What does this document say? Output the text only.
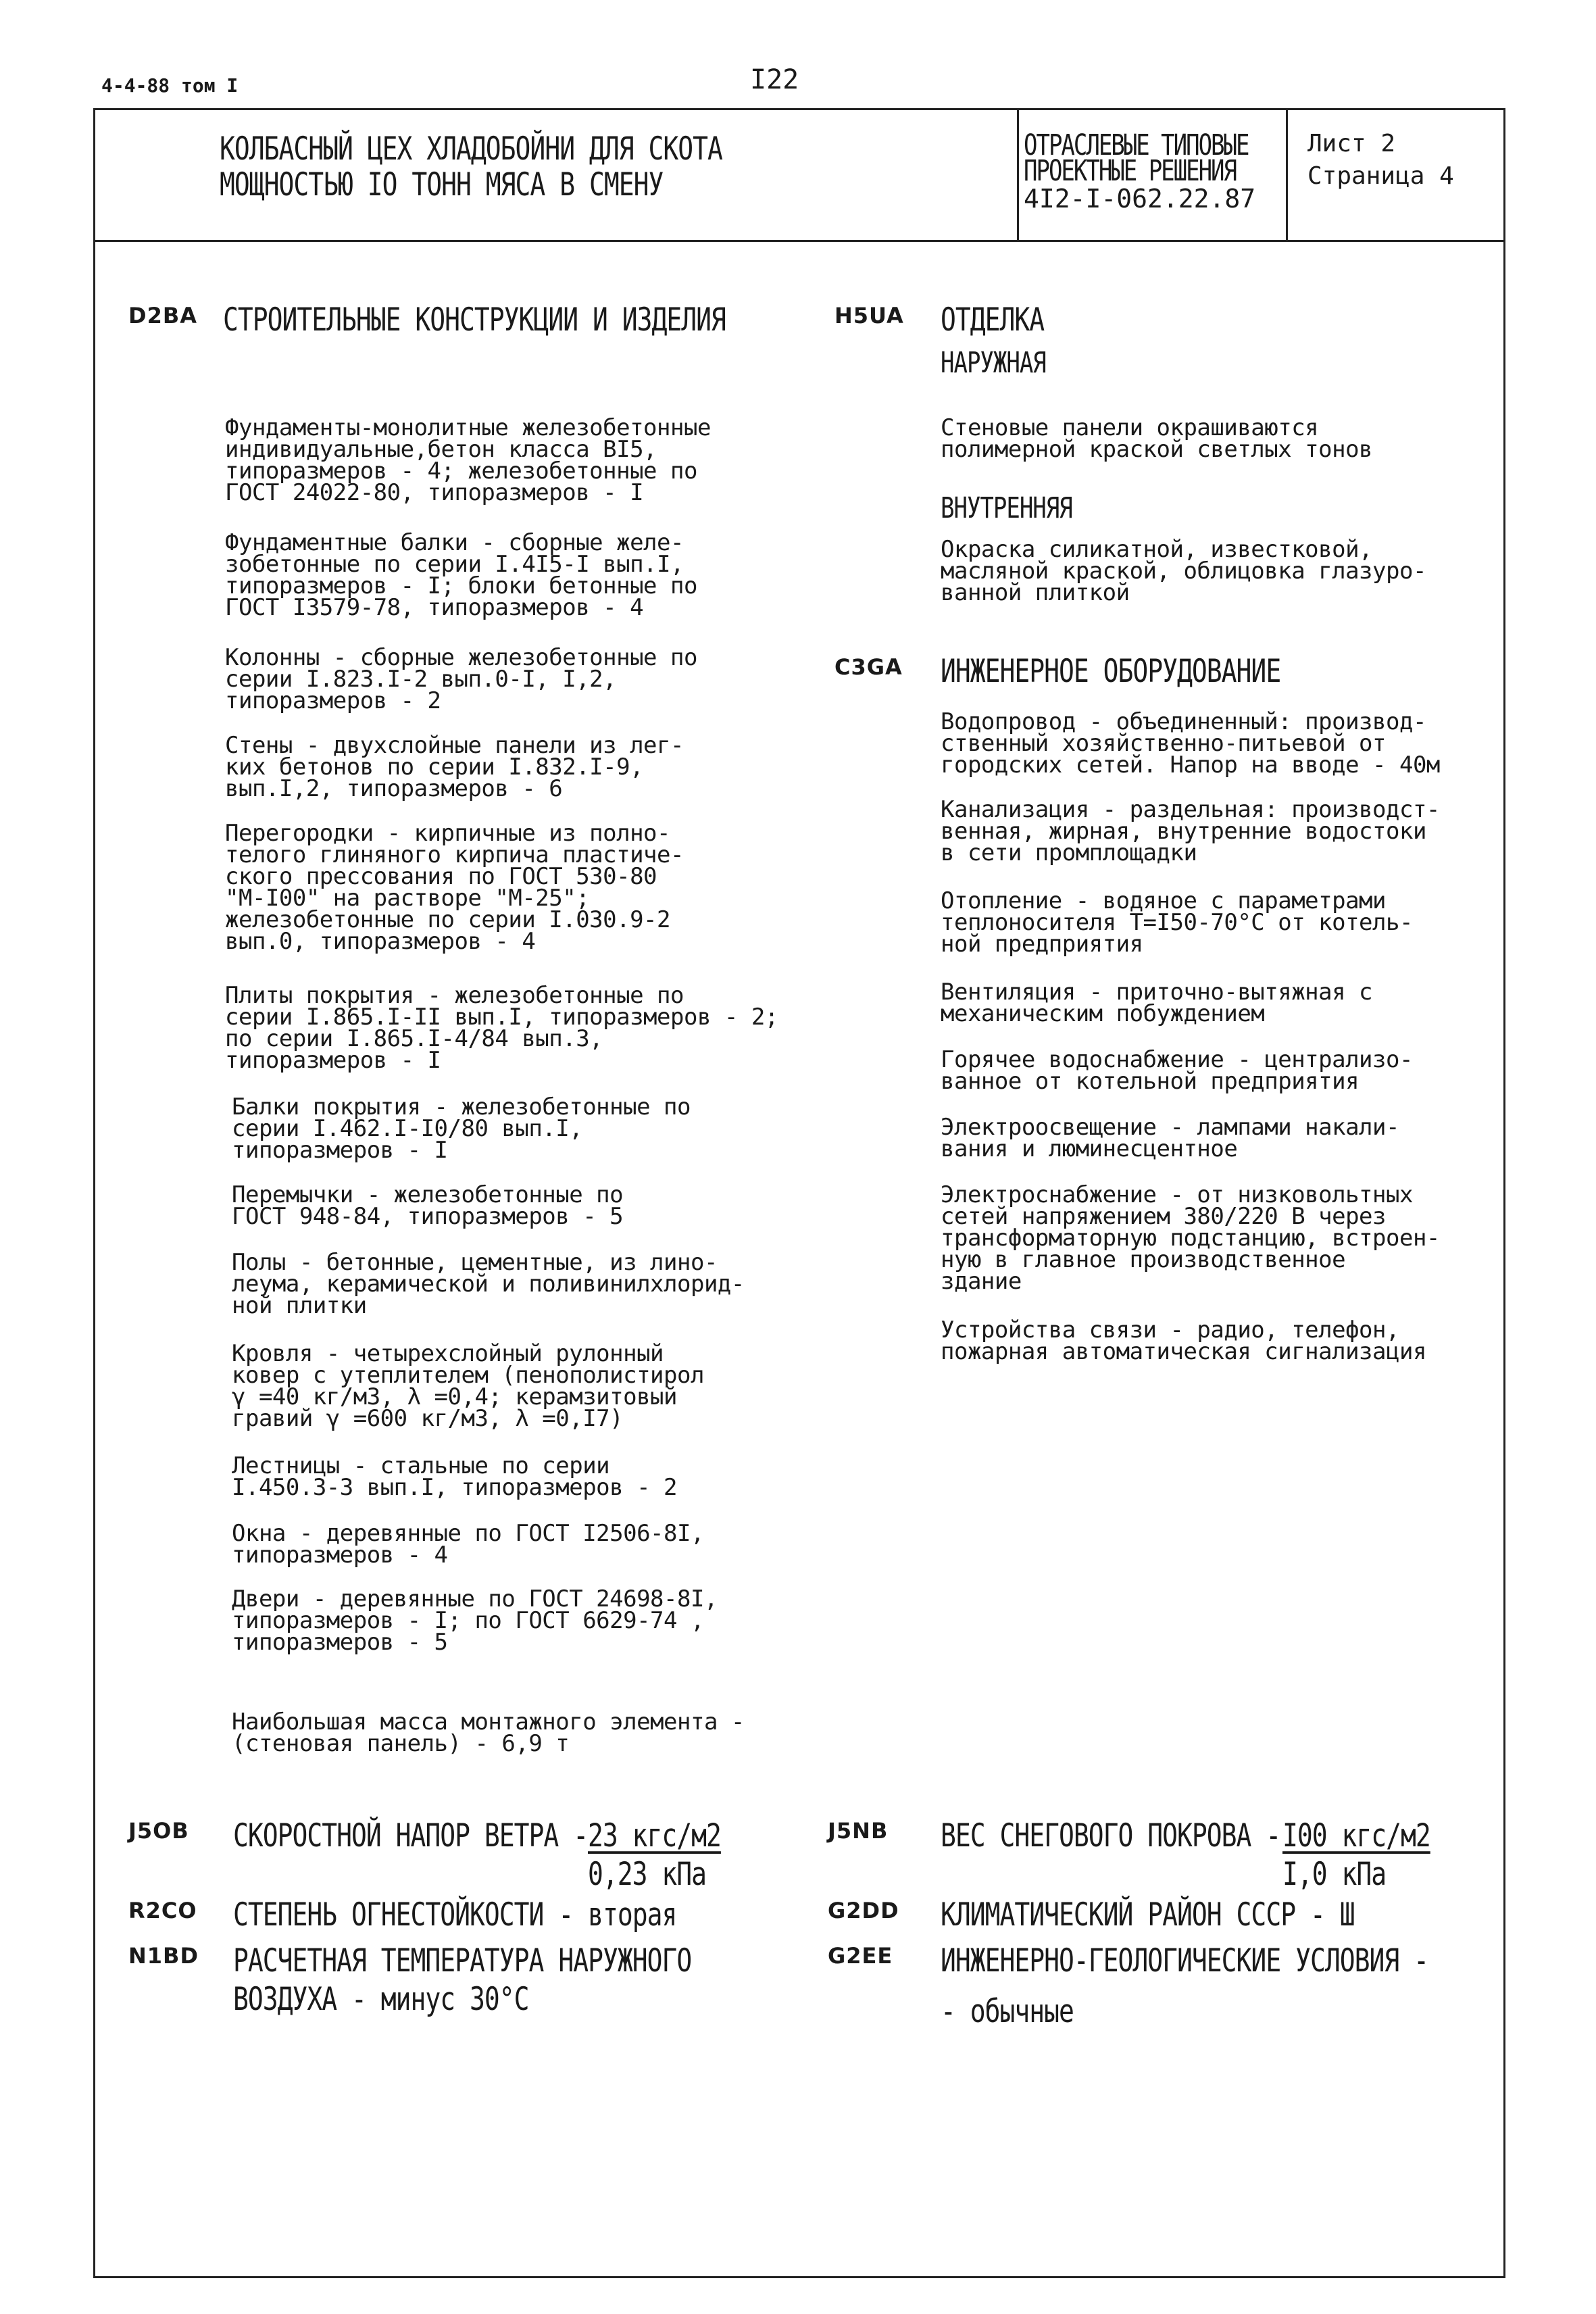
4-4-88 том I	I22
КОЛБАСНЫЙ ЦЕХ ХЛАДОБОЙНИ ДЛЯ СКОТА
МОЩНОСТЬЮ IO ТОНН МЯСА В СМЕНУ
ОТРАСЛЕВЫЕ ТИПОВЫЕ
ПРОЕКТНЫЕ РЕШЕНИЯ
4I2-I-062.22.87
Лист 2
Страница 4
D2BA СТРОИТЕЛЬНЫЕ КОНСТРУКЦИИ И ИЗДЕЛИЯ
Фундаменты-монолитные железобетонные
индивидуальные,бетон класса BI5,
типоразмеров - 4; железобетонные по
ГОСТ 24022-80, типоразмеров - I
Фундаментные балки - сборные желе-
зобетонные по серии I.4I5-I вып.I,
типоразмеров - I; блоки бетонные по
ГОСТ I3579-78, типоразмеров - 4
Колонны - сборные железобетонные по
серии I.823.I-2 вып.0-I, I,2,
типоразмеров - 2
Стены - двухслойные панели из лег-
ких бетонов по серии I.832.I-9,
вып.I,2, типоразмеров - 6
Перегородки - кирпичные из полно-
телого глиняного кирпича пластиче-
ского прессования по ГОСТ 530-80
"М-I00" на растворе "М-25";
железобетонные по серии I.030.9-2
вып.0, типоразмеров - 4
Плиты покрытия - железобетонные по
серии I.865.I-II вып.I, типоразмеров - 2;
по серии I.865.I-4/84 вып.3,
типоразмеров - I
Балки покрытия - железобетонные по
серии I.462.I-I0/80 вып.I,
типоразмеров - I
Перемычки - железобетонные по
ГОСТ 948-84, типоразмеров - 5
Полы - бетонные, цементные, из лино-
леума, керамической и поливинилхлорид-
ной плитки
Кровля - четырехслойный рулонный
ковер с утеплителем (пенополистирол
γ =40 кг/м3, λ =0,4; керамзитовый
гравий γ =600 кг/м3, λ =0,I7)
Лестницы - стальные по серии
I.450.3-3 вып.I, типоразмеров - 2
Окна - деревянные по ГОСТ I2506-8I,
типоразмеров - 4
Двери - деревянные по ГОСТ 24698-8I,
типоразмеров - I; по ГОСТ 6629-74 ,
типоразмеров - 5
Наибольшая масса монтажного элемента -
(стеновая панель) - 6,9 т
H5UA ОТДЕЛКА
НАРУЖНАЯ
Стеновые панели окрашиваются
полимерной краской светлых тонов
ВНУТРЕННЯЯ
Окраска силикатной, известковой,
масляной краской, облицовка глазуро-
ванной плиткой
C3GA ИНЖЕНЕРНОЕ ОБОРУДОВАНИЕ
Водопровод - объединенный: производ-
ственный хозяйственно-питьевой от
городских сетей. Напор на вводе - 40м
Канализация - раздельная: производст-
венная, жирная, внутренние водостоки
в сети промплощадки
Отопление - водяное с параметрами
теплоносителя T=I50-70°C от котель-
ной предприятия
Вентиляция - приточно-вытяжная с
механическим побуждением
Горячее водоснабжение - централизо-
ванное от котельной предприятия
Электроосвещение - лампами накали-
вания и люминесцентное
Электроснабжение - от низковольтных
сетей напряжением 380/220 В через
трансформаторную подстанцию, встроен-
ную в главное производственное
здание
Устройства связи - радио, телефон,
пожарная автоматическая сигнализация
J5OB СКОРОСТНОЙ НАПОР ВЕТРА - 23 кгс/м2
0,23 кПа
J5NB ВЕС СНЕГОВОГО ПОКРОВА - I00 кгс/м2
I,0 кПа
R2CO СТЕПЕНЬ ОГНЕСТОЙКОСТИ - вторая	G2DD КЛИМАТИЧЕСКИЙ РАЙОН СССР - Ш
N1BD РАСЧЕТНАЯ ТЕМПЕРАТУРА НАРУЖНОГО
ВОЗДУХА - минус 30°C
G2EE ИНЖЕНЕРНО-ГЕОЛОГИЧЕСКИЕ УСЛОВИЯ -
- обычные
